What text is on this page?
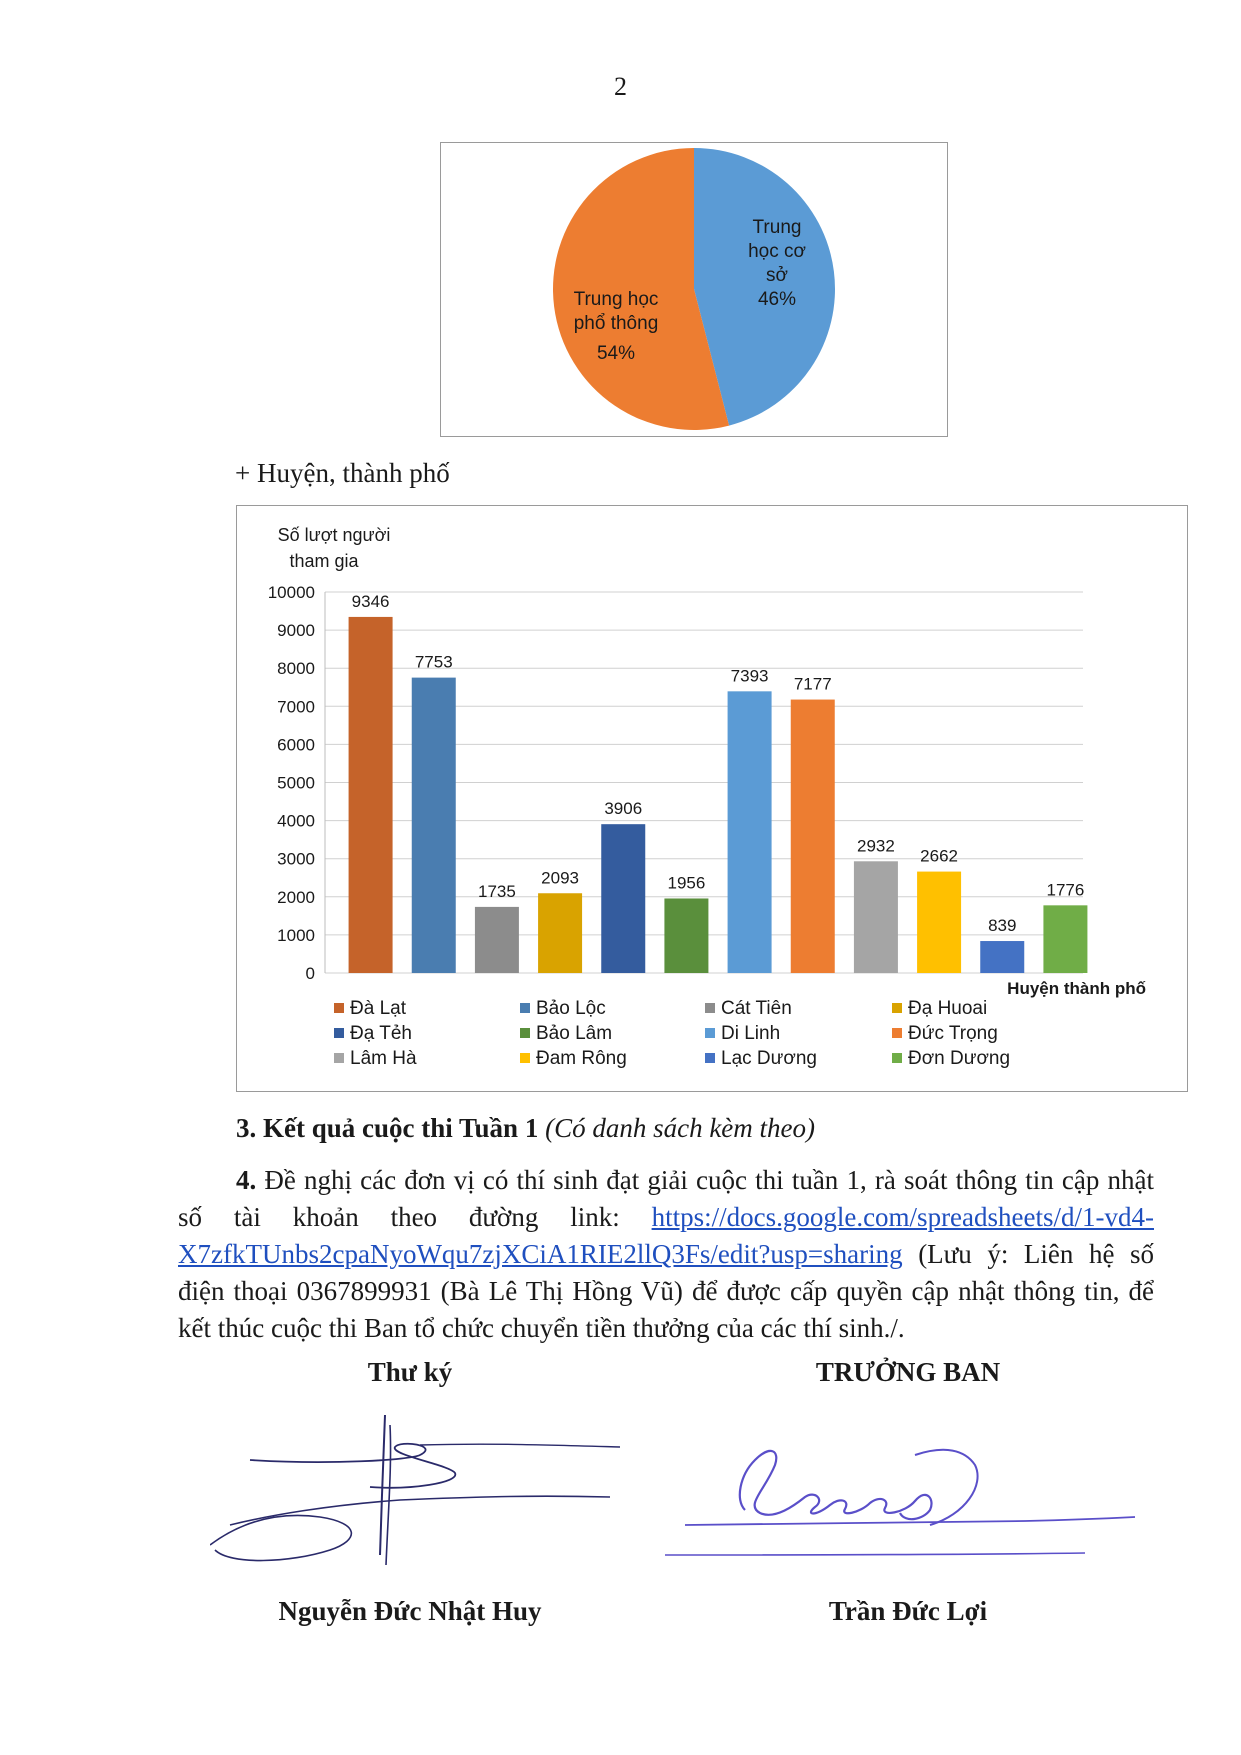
2
Trung
học cơ
sở
46%
Trung học
phổ thông
54%
+ Huyện, thành phố
Số lượt người
tham gia
0
1000
2000
3000
4000
5000
6000
7000
8000
9000
10000 9346
7753
1735
2093
3906
1956
7393 7177
2932
2662
839
1776
Huyện thành phố
Đà Lạt	Bảo Lộc	Cát Tiên	Đạ Huoai
Đạ Tẻh	Bảo Lâm	Di Linh	Đức Trọng
Lâm Hà	Đam Rông	Lạc Dương	Đơn Dương
3. Kết quả cuộc thi Tuần 1 (Có danh sách kèm theo)
4. Đề nghị các đơn vị có thí sinh đạt giải cuộc thi tuần 1, rà soát thông tin cập nhật số tài khoản theo đường link: https://docs.google.com/spreadsheets/d/1-vd4-X7zfkTUnbs2cpaNyoWqu7zjXCiA1RIE2llQ3Fs/edit?usp=sharing (Lưu ý: Liên hệ số điện thoại 0367899931 (Bà Lê Thị Hồng Vũ) để được cấp quyền cập nhật thông tin, để kết thúc cuộc thi Ban tổ chức chuyển tiền thưởng của các thí sinh./.
Thư ký	TRƯỞNG BAN
Nguyễn Đức Nhật Huy	Trần Đức Lợi
